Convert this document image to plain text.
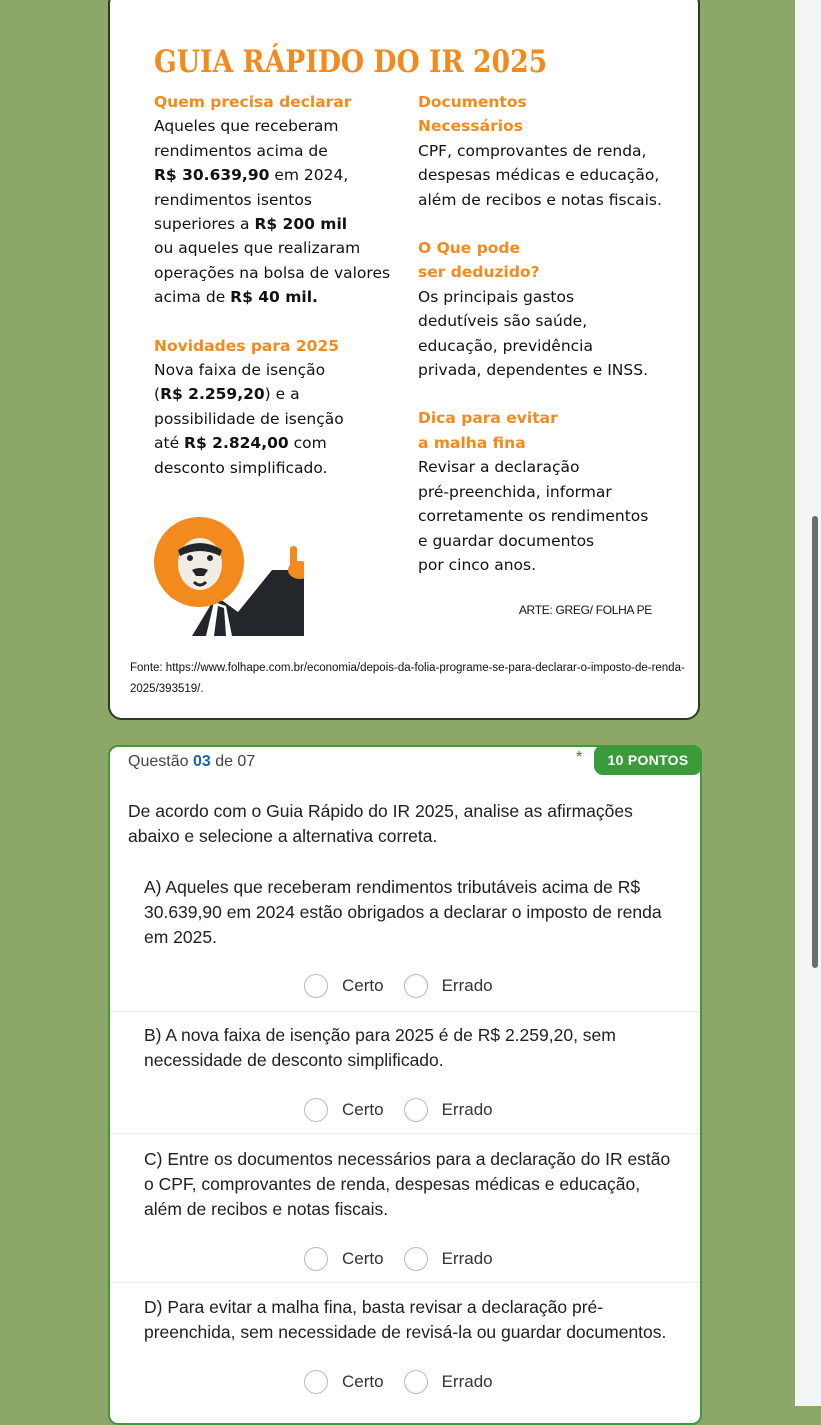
GUIA RÁPIDO DO IR 2025
Quem precisa declarar
Aqueles que receberam
rendimentos acima de
R$ 30.639,90 em 2024,
rendimentos isentos
superiores a R$ 200 mil
ou aqueles que realizaram
operações na bolsa de valores
acima de R$ 40 mil.
Novidades para 2025
Nova faixa de isenção
(R$ 2.259,20) e a
possibilidade de isenção
até R$ 2.824,00 com
desconto simplificado.
Documentos
Necessários
CPF, comprovantes de renda,
despesas médicas e educação,
além de recibos e notas fiscais.
O Que pode
ser deduzido?
Os principais gastos
dedutíveis são saúde,
educação, previdência
privada, dependentes e INSS.
Dica para evitar
a malha fina
Revisar a declaração
pré-preenchida, informar
corretamente os rendimentos
e guardar documentos
por cinco anos.
ARTE: GREG/ FOLHA PE
Fonte: https://www.folhape.com.br/economia/depois-da-folia-programe-se-para-declarar-o-imposto-de-renda-2025/393519/.
Questão 03 de 07	*	10 PONTOS
De acordo com o Guia Rápido do IR 2025, analise as afirmações abaixo e selecione a alternativa correta.
A) Aqueles que receberam rendimentos tributáveis acima de R$ 30.639,90 em 2024 estão obrigados a declarar o imposto de renda em 2025.
Certo	Errado
B) A nova faixa de isenção para 2025 é de R$ 2.259,20, sem necessidade de desconto simplificado.
Certo	Errado
C) Entre os documentos necessários para a declaração do IR estão o CPF, comprovantes de renda, despesas médicas e educação, além de recibos e notas fiscais.
Certo	Errado
D) Para evitar a malha fina, basta revisar a declaração pré-preenchida, sem necessidade de revisá-la ou guardar documentos.
Certo	Errado
